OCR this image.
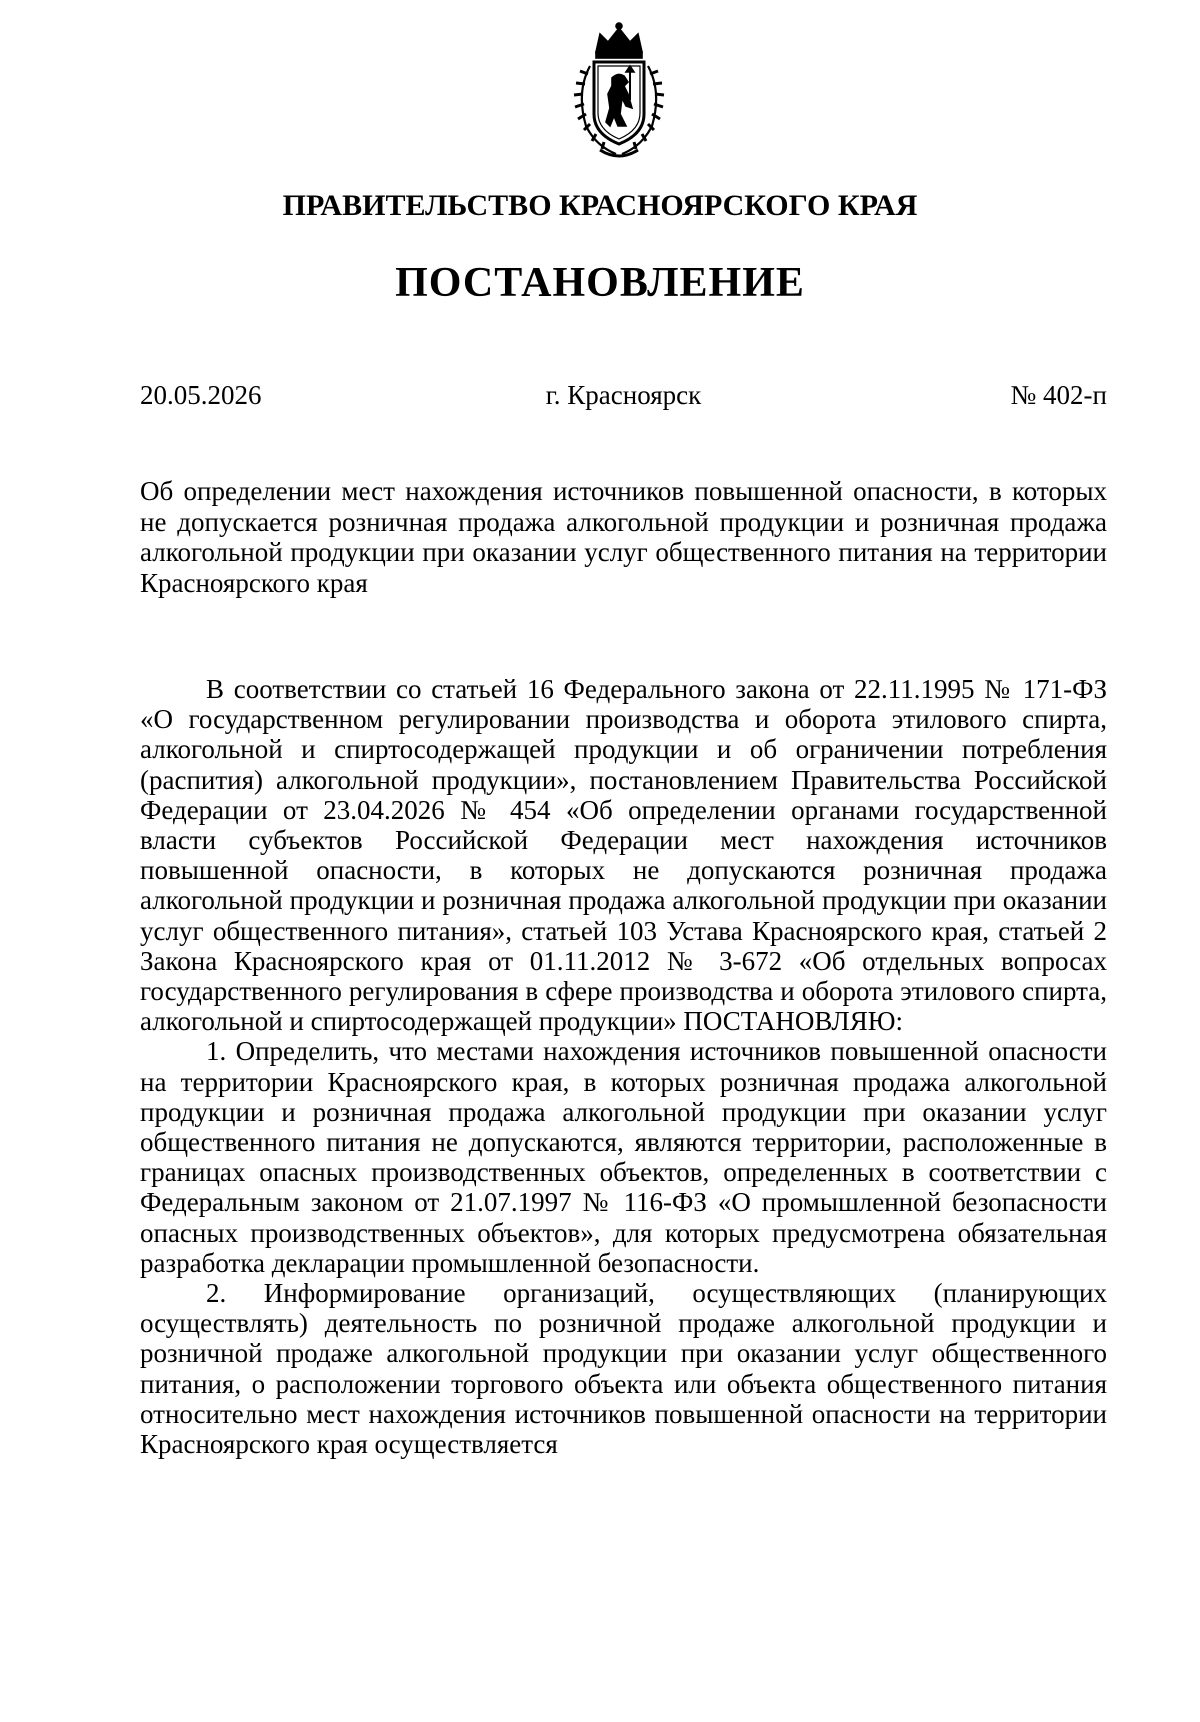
ПРАВИТЕЛЬСТВО КРАСНОЯРСКОГО КРАЯ
ПОСТАНОВЛЕНИЕ
20.05.2026	г. Красноярск	№ 402-п
Об определении мест нахождения источников повышенной опасности, в которых не допускается розничная продажа алкогольной продукции и розничная продажа алкогольной продукции при оказании услуг общественного питания на территории Красноярского края

В соответствии со статьей 16 Федерального закона от 22.11.1995 № 171-ФЗ «О государственном регулировании производства и оборота этилового спирта, алкогольной и спиртосодержащей продукции и об ограничении потребления (распития) алкогольной продукции», постановлением Правительства Российской Федерации от 23.04.2026 № 454 «Об определении органами государственной власти субъектов Российской Федерации мест нахождения источников повышенной опасности, в которых не допускаются розничная продажа алкогольной продукции и розничная продажа алкогольной продукции при оказании услуг общественного питания», статьей 103 Устава Красноярского края, статьей 2 Закона Красноярского края от 01.11.2012 № 3-672 «Об отдельных вопросах государственного регулирования в сфере производства и оборота этилового спирта, алкогольной и спиртосодержащей продукции» ПОСТАНОВЛЯЮ:

1. Определить, что местами нахождения источников повышенной опасности на территории Красноярского края, в которых розничная продажа алкогольной продукции и розничная продажа алкогольной продукции при оказании услуг общественного питания не допускаются, являются территории, расположенные в границах опасных производственных объектов, определенных в соответствии с Федеральным законом от 21.07.1997 № 116-ФЗ «О промышленной безопасности опасных производственных объектов», для которых предусмотрена обязательная разработка декларации промышленной безопасности.

2. Информирование организаций, осуществляющих (планирующих осуществлять) деятельность по розничной продаже алкогольной продукции и розничной продаже алкогольной продукции при оказании услуг общественного питания, о расположении торгового объекта или объекта общественного питания относительно мест нахождения источников повышенной опасности на территории Красноярского края осуществляется
